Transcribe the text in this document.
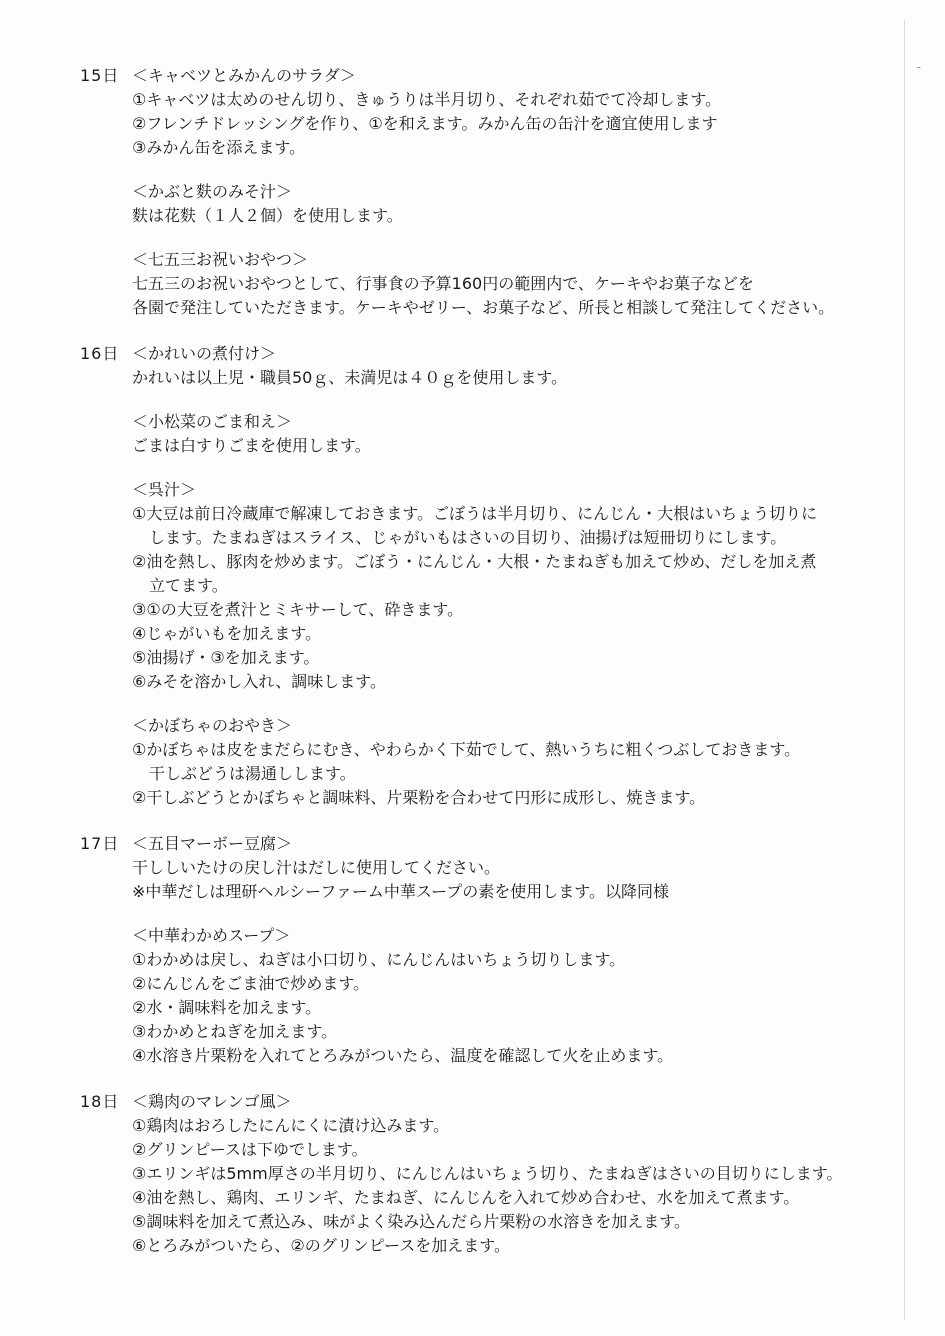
-
15日 ＜キャベツとみかんのサラダ＞
①キャベツは太めのせん切り、きゅうりは半月切り、それぞれ茹でて冷却します。
②フレンチドレッシングを作り、①を和えます。みかん缶の缶汁を適宜使用します
③みかん缶を添えます。
＜かぶと麩のみそ汁＞
麩は花麩（１人２個）を使用します。
＜七五三お祝いおやつ＞
七五三のお祝いおやつとして、行事食の予算160円の範囲内で、ケーキやお菓子などを
各園で発注していただきます。ケーキやゼリー、お菓子など、所長と相談して発注してください。
16日 ＜かれいの煮付け＞
かれいは以上児・職員50ｇ、未満児は４０ｇを使用します。
＜小松菜のごま和え＞
ごまは白すりごまを使用します。
＜呉汁＞
①大豆は前日冷蔵庫で解凍しておきます。ごぼうは半月切り、にんじん・大根はいちょう切りに
します。たまねぎはスライス、じゃがいもはさいの目切り、油揚げは短冊切りにします。
②油を熱し、豚肉を炒めます。ごぼう・にんじん・大根・たまねぎも加えて炒め、だしを加え煮
立てます。
③①の大豆を煮汁とミキサーして、砕きます。
④じゃがいもを加えます。
⑤油揚げ・③を加えます。
⑥みそを溶かし入れ、調味します。
＜かぼちゃのおやき＞
①かぼちゃは皮をまだらにむき、やわらかく下茹でして、熱いうちに粗くつぶしておきます。
干しぶどうは湯通しします。
②干しぶどうとかぼちゃと調味料、片栗粉を合わせて円形に成形し、焼きます。
17日 ＜五目マーボー豆腐＞
干ししいたけの戻し汁はだしに使用してください。
※中華だしは理研ヘルシーファーム中華スープの素を使用します。以降同様
＜中華わかめスープ＞
①わかめは戻し、ねぎは小口切り、にんじんはいちょう切りします。
②にんじんをごま油で炒めます。
②水・調味料を加えます。
③わかめとねぎを加えます。
④水溶き片栗粉を入れてとろみがついたら、温度を確認して火を止めます。
18日 ＜鶏肉のマレンゴ風＞
①鶏肉はおろしたにんにくに漬け込みます。
②グリンピースは下ゆでします。
③エリンギは5mm厚さの半月切り、にんじんはいちょう切り、たまねぎはさいの目切りにします。
④油を熱し、鶏肉、エリンギ、たまねぎ、にんじんを入れて炒め合わせ、水を加えて煮ます。
⑤調味料を加えて煮込み、味がよく染み込んだら片栗粉の水溶きを加えます。
⑥とろみがついたら、②のグリンピースを加えます。
